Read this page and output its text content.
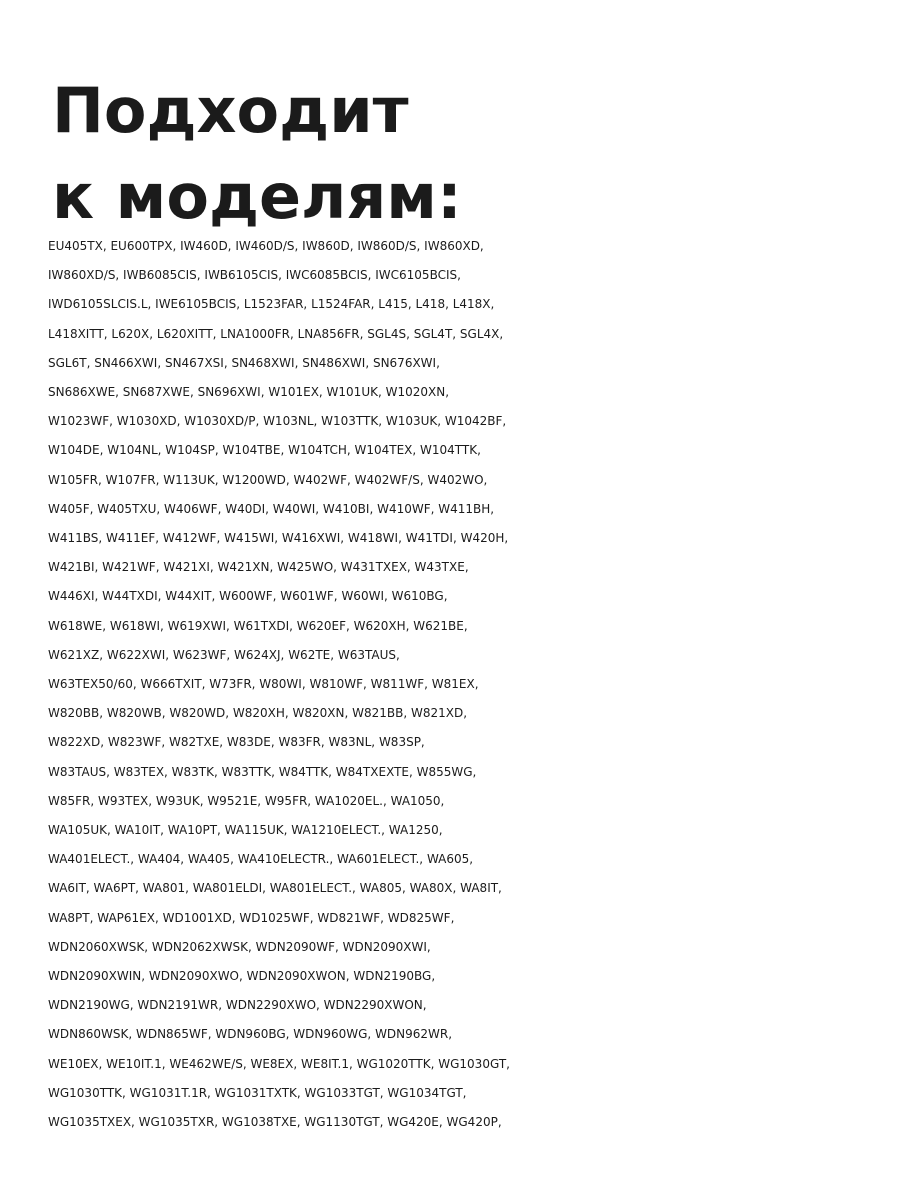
Подходит
к моделям:
EU405TX, EU600TPX, IW460D, IW460D/S, IW860D, IW860D/S, IW860XD,
IW860XD/S, IWB6085CIS, IWB6105CIS, IWC6085BCIS, IWC6105BCIS,
IWD6105SLCIS.L, IWE6105BCIS, L1523FAR, L1524FAR, L415, L418, L418X,
L418XITT, L620X, L620XITT, LNA1000FR, LNA856FR, SGL4S, SGL4T, SGL4X,
SGL6T, SN466XWI, SN467XSI, SN468XWI, SN486XWI, SN676XWI,
SN686XWE, SN687XWE, SN696XWI, W101EX, W101UK, W1020XN,
W1023WF, W1030XD, W1030XD/P, W103NL, W103TTK, W103UK, W1042BF,
W104DE, W104NL, W104SP, W104TBE, W104TCH, W104TEX, W104TTK,
W105FR, W107FR, W113UK, W1200WD, W402WF, W402WF/S, W402WO,
W405F, W405TXU, W406WF, W40DI, W40WI, W410BI, W410WF, W411BH,
W411BS, W411EF, W412WF, W415WI, W416XWI, W418WI, W41TDI, W420H,
W421BI, W421WF, W421XI, W421XN, W425WO, W431TXEX, W43TXE,
W446XI, W44TXDI, W44XIT, W600WF, W601WF, W60WI, W610BG,
W618WE, W618WI, W619XWI, W61TXDI, W620EF, W620XH, W621BE,
W621XZ, W622XWI, W623WF, W624XJ, W62TE, W63TAUS,
W63TEX50/60, W666TXIT, W73FR, W80WI, W810WF, W811WF, W81EX,
W820BB, W820WB, W820WD, W820XH, W820XN, W821BB, W821XD,
W822XD, W823WF, W82TXE, W83DE, W83FR, W83NL, W83SP,
W83TAUS, W83TEX, W83TK, W83TTK, W84TTK, W84TXEXTE, W855WG,
W85FR, W93TEX, W93UK, W9521E, W95FR, WA1020EL., WA1050,
WA105UK, WA10IT, WA10PT, WA115UK, WA1210ELECT., WA1250,
WA401ELECT., WA404, WA405, WA410ELECTR., WA601ELECT., WA605,
WA6IT, WA6PT, WA801, WA801ELDI, WA801ELECT., WA805, WA80X, WA8IT,
WA8PT, WAP61EX, WD1001XD, WD1025WF, WD821WF, WD825WF,
WDN2060XWSK, WDN2062XWSK, WDN2090WF, WDN2090XWI,
WDN2090XWIN, WDN2090XWO, WDN2090XWON, WDN2190BG,
WDN2190WG, WDN2191WR, WDN2290XWO, WDN2290XWON,
WDN860WSK, WDN865WF, WDN960BG, WDN960WG, WDN962WR,
WE10EX, WE10IT.1, WE462WE/S, WE8EX, WE8IT.1, WG1020TTK, WG1030GT,
WG1030TTK, WG1031T.1R, WG1031TXTK, WG1033TGT, WG1034TGT,
WG1035TXEX, WG1035TXR, WG1038TXE, WG1130TGT, WG420E, WG420P,
